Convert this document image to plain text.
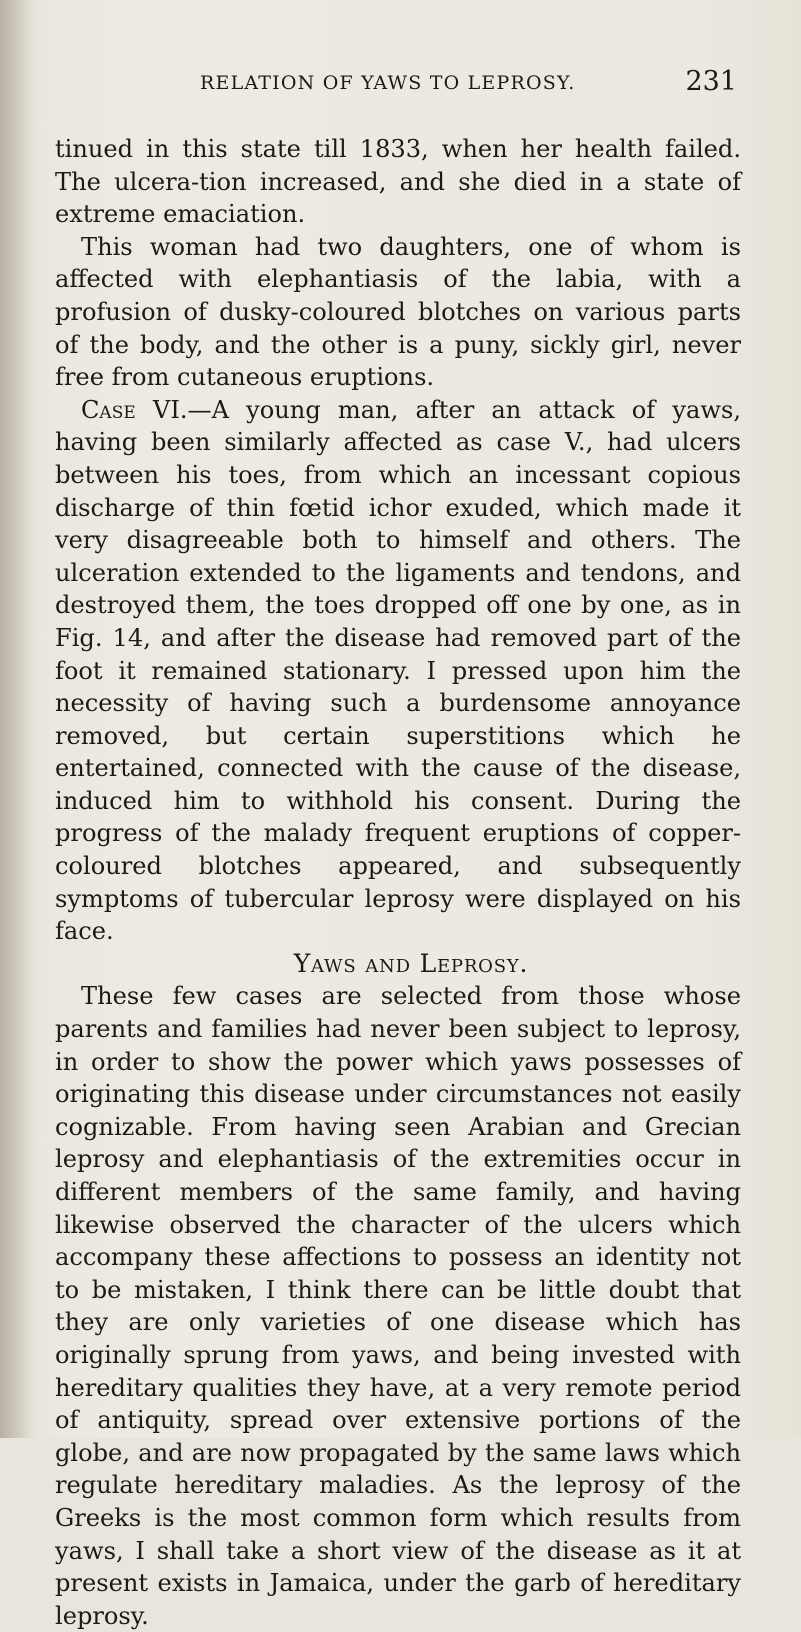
RELATION OF YAWS TO LEPROSY.	231

tinued in this state till 1833, when her health failed. The ulcera-tion increased, and she died in a state of extreme emaciation.

This woman had two daughters, one of whom is affected with elephantiasis of the labia, with a profusion of dusky-coloured blotches on various parts of the body, and the other is a puny, sickly girl, never free from cutaneous eruptions.

Case VI.—A young man, after an attack of yaws, having been similarly affected as case V., had ulcers between his toes, from which an incessant copious discharge of thin fœtid ichor exuded, which made it very disagreeable both to himself and others. The ulceration extended to the ligaments and tendons, and destroyed them, the toes dropped off one by one, as in Fig. 14, and after the disease had removed part of the foot it remained stationary. I pressed upon him the necessity of having such a burdensome annoyance removed, but certain superstitions which he entertained, connected with the cause of the disease, induced him to withhold his consent. During the progress of the malady frequent eruptions of copper-coloured blotches appeared, and subsequently symptoms of tubercular leprosy were displayed on his face.

Yaws and Leprosy.

These few cases are selected from those whose parents and families had never been subject to leprosy, in order to show the power which yaws possesses of originating this disease under circumstances not easily cognizable. From having seen Arabian and Grecian leprosy and elephantiasis of the extremities occur in different members of the same family, and having likewise observed the character of the ulcers which accompany these affections to possess an identity not to be mistaken, I think there can be little doubt that they are only varieties of one disease which has originally sprung from yaws, and being invested with hereditary qualities they have, at a very remote period of antiquity, spread over extensive portions of the globe, and are now propagated by the same laws which regulate hereditary maladies. As the leprosy of the Greeks is the most common form which results from yaws, I shall take a short view of the disease as it at present exists in Jamaica, under the garb of hereditary leprosy.
